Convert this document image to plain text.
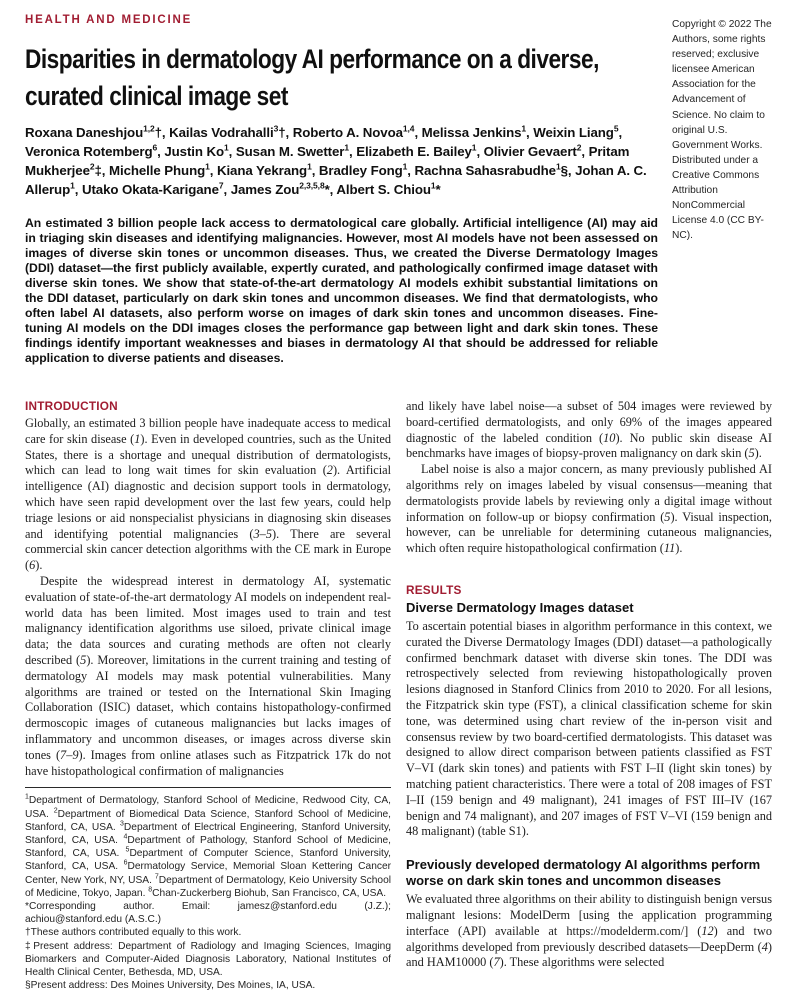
HEALTH AND MEDICINE
Disparities in dermatology AI performance on a diverse,
curated clinical image set
Roxana Daneshjou$^{1,2}$†, Kailas Vodrahalli$^3$†, Roberto A. Novoa$^{1,4}$, Melissa Jenkins$^1$, Weixin Liang$^5$, Veronica Rotemberg$^6$, Justin Ko$^1$, Susan M. Swetter$^1$, Elizabeth E. Bailey$^1$, Olivier Gevaert$^2$, Pritam Mukherjee$^2$‡, Michelle Phung$^1$, Kiana Yekrang$^1$, Bradley Fong$^1$, Rachna Sahasrabudhe$^1$§, Johan A. C. Allerup$^1$, Utako Okata-Karigane$^7$, James Zou$^{2,3,5,8}$*, Albert S. Chiou$^1$*

An estimated 3 billion people lack access to dermatological care globally. Artificial intelligence (AI) may aid in triaging skin diseases and identifying malignancies. However, most AI models have not been assessed on images of diverse skin tones or uncommon diseases. Thus, we created the Diverse Dermatology Images (DDI) dataset—the first publicly available, expertly curated, and pathologically confirmed image dataset with diverse skin tones. We show that state-of-the-art dermatology AI models exhibit substantial limitations on the DDI dataset, particularly on dark skin tones and uncommon diseases. We find that dermatologists, who often label AI datasets, also perform worse on images of dark skin tones and uncommon diseases. Fine-tuning AI models on the DDI images closes the performance gap between light and dark skin tones. These findings identify important weaknesses and biases in dermatology AI that should be addressed for reliable application to diverse patients and diseases.

Copyright © 2022 The Authors, some rights reserved; exclusive licensee American Association for the Advancement of Science. No claim to original U.S. Government Works. Distributed under a Creative Commons Attribution NonCommercial License 4.0 (CC BY-NC).
INTRODUCTION

Globally, an estimated 3 billion people have inadequate access to medical care for skin disease (1). Even in developed countries, such as the United States, there is a shortage and unequal distribution of dermatologists, which can lead to long wait times for skin evaluation (2). Artificial intelligence (AI) diagnostic and decision support tools in dermatology, which have seen rapid development over the last few years, could help triage lesions or aid nonspecialist physicians in diagnosing skin diseases and identifying potential malignancies (3–5). There are several commercial skin cancer detection algorithms with the CE mark in Europe (6).

Despite the widespread interest in dermatology AI, systematic evaluation of state-of-the-art dermatology AI models on independent real-world data has been limited. Most images used to train and test malignancy identification algorithms use siloed, private clinical image data; the data sources and curating methods are often not clearly described (5). Moreover, limitations in the current training and testing of dermatology AI models may mask potential vulnerabilities. Many algorithms are trained or tested on the International Skin Imaging Collaboration (ISIC) dataset, which contains histopathology-confirmed dermoscopic images of cutaneous malignancies but lacks images of inflammatory and uncommon diseases, or images across diverse skin tones (7–9). Images from online atlases such as Fitzpatrick 17k do not have histopathological confirmation of malignancies

$^1$Department of Dermatology, Stanford School of Medicine, Redwood City, CA, USA. $^2$Department of Biomedical Data Science, Stanford School of Medicine, Stanford, CA, USA. $^3$Department of Electrical Engineering, Stanford University, Stanford, CA, USA. $^4$Department of Pathology, Stanford School of Medicine, Stanford, CA, USA. $^5$Department of Computer Science, Stanford University, Stanford, CA, USA. $^6$Dermatology Service, Memorial Sloan Kettering Cancer Center, New York, NY, USA. $^7$Department of Dermatology, Keio University School of Medicine, Tokyo, Japan. $^8$Chan-Zuckerberg Biohub, San Francisco, CA, USA.

*Corresponding author. Email: jamesz@stanford.edu (J.Z.); achiou@stanford.edu (A.S.C.)

†These authors contributed equally to this work.

‡Present address: Department of Radiology and Imaging Sciences, Imaging Biomarkers and Computer-Aided Diagnosis Laboratory, National Institutes of Health Clinical Center, Bethesda, MD, USA.

§Present address: Des Moines University, Des Moines, IA, USA.

and likely have label noise—a subset of 504 images were reviewed by board-certified dermatologists, and only 69% of the images appeared diagnostic of the labeled condition (10). No public skin disease AI benchmarks have images of biopsy-proven malignancy on dark skin (5).

Label noise is also a major concern, as many previously published AI algorithms rely on images labeled by visual consensus—meaning that dermatologists provide labels by reviewing only a digital image without information on follow-up or biopsy confirmation (5). Visual inspection, however, can be unreliable for determining cutaneous malignancies, which often require histopathological confirmation (11).

RESULTS
Diverse Dermatology Images dataset

To ascertain potential biases in algorithm performance in this context, we curated the Diverse Dermatology Images (DDI) dataset—a pathologically confirmed benchmark dataset with diverse skin tones. The DDI was retrospectively selected from reviewing histopathologically proven lesions diagnosed in Stanford Clinics from 2010 to 2020. For all lesions, the Fitzpatrick skin type (FST), a clinical classification scheme for skin tone, was determined using chart review of the in-person visit and consensus review by two board-certified dermatologists. This dataset was designed to allow direct comparison between patients classified as FST V–VI (dark skin tones) and patients with FST I–II (light skin tones) by matching patient characteristics. There were a total of 208 images of FST I–II (159 benign and 49 malignant), 241 images of FST III–IV (167 benign and 74 malignant), and 207 images of FST V–VI (159 benign and 48 malignant) (table S1).

Previously developed dermatology AI algorithms perform worse on dark skin tones and uncommon diseases

We evaluated three algorithms on their ability to distinguish benign versus malignant lesions: ModelDerm [using the application programming interface (API) available at https://modelderm.com/] (12) and two algorithms developed from previously described datasets—DeepDerm (4) and HAM10000 (7). These algorithms were selected
